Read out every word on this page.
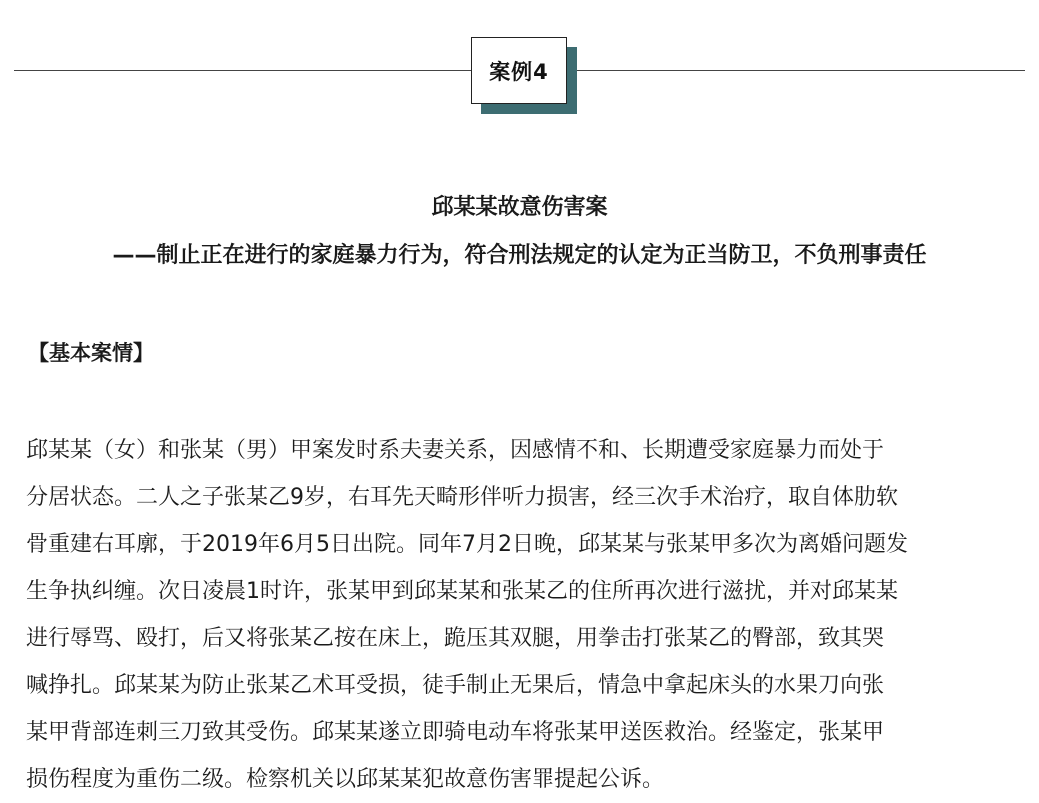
案例4
邱某某故意伤害案
——制止正在进行的家庭暴力行为，符合刑法规定的认定为正当防卫，不负刑事责任
【基本案情】
邱某某（女）和张某（男）甲案发时系夫妻关系，因感情不和、长期遭受家庭暴力而处于
分居状态。二人之子张某乙9岁，右耳先天畸形伴听力损害，经三次手术治疗，取自体肋软
骨重建右耳廓，于2019年6月5日出院。同年7月2日晚，邱某某与张某甲多次为离婚问题发
生争执纠缠。次日凌晨1时许，张某甲到邱某某和张某乙的住所再次进行滋扰，并对邱某某
进行辱骂、殴打，后又将张某乙按在床上，跪压其双腿，用拳击打张某乙的臀部，致其哭
喊挣扎。邱某某为防止张某乙术耳受损，徒手制止无果后，情急中拿起床头的水果刀向张
某甲背部连刺三刀致其受伤。邱某某遂立即骑电动车将张某甲送医救治。经鉴定，张某甲
损伤程度为重伤二级。检察机关以邱某某犯故意伤害罪提起公诉。
